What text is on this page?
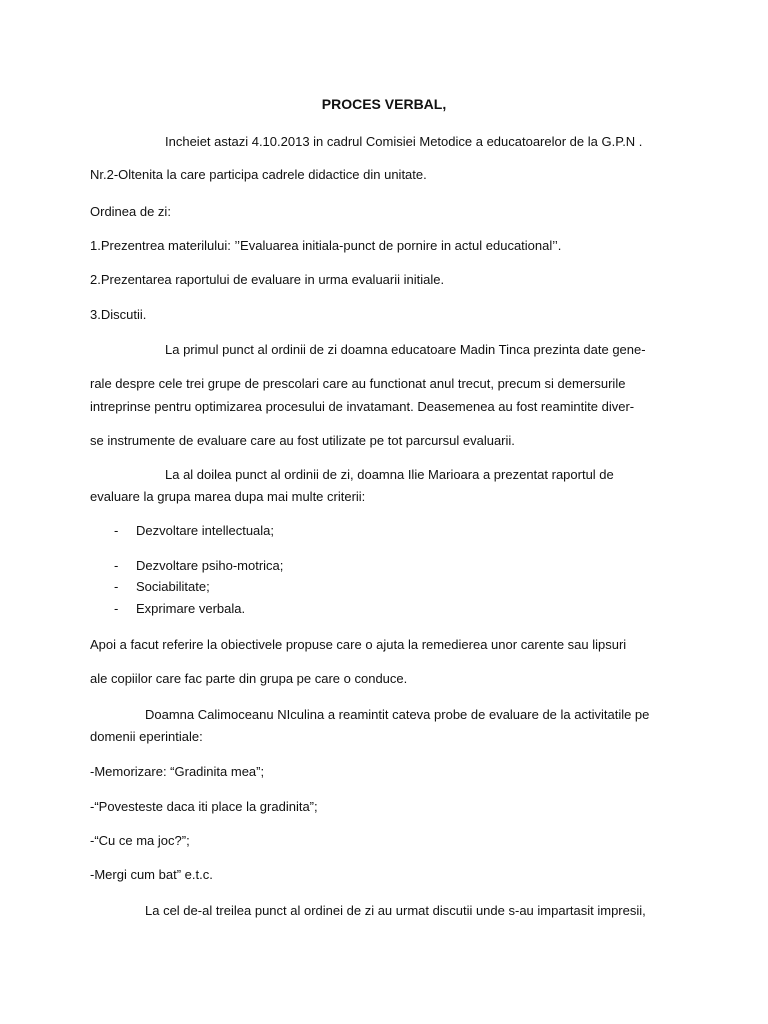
PROCES VERBAL,
Incheiet astazi 4.10.2013 in cadrul Comisiei Metodice a educatoarelor de la G.P.N .
Nr.2-Oltenita la care participa cadrele didactice din unitate.
Ordinea de zi:
1.Prezentrea materilului: ’’Evaluarea initiala-punct de pornire in actul educational’’.
2.Prezentarea raportului de evaluare in urma evaluarii initiale.
3.Discutii.
La primul punct al ordinii de zi doamna educatoare Madin Tinca prezinta date gene-
rale despre cele trei grupe de prescolari care au functionat anul trecut, precum si demersurile
intreprinse pentru optimizarea procesului de invatamant. Deasemenea au fost reamintite diver-
se instrumente de evaluare care au fost utilizate pe tot parcursul evaluarii.
La al doilea punct al ordinii de zi, doamna Ilie Marioara a prezentat raportul de
evaluare la grupa marea dupa mai multe criterii:
- Dezvoltare intellectuala;
- Dezvoltare psiho-motrica;
- Sociabilitate;
- Exprimare verbala.
Apoi a facut referire la obiectivele propuse care o ajuta la remedierea unor carente sau lipsuri
ale copiilor care fac parte din grupa pe care o conduce.
Doamna Calimoceanu NIculina a reamintit cateva probe de evaluare de la activitatile pe
domenii eperintiale:
-Memorizare: “Gradinita mea”;
-“Povesteste daca iti place la gradinita”;
-“Cu ce ma joc?”;
-Mergi cum bat” e.t.c.
La cel de-al treilea punct al ordinei de zi au urmat discutii unde s-au impartasit impresii,
